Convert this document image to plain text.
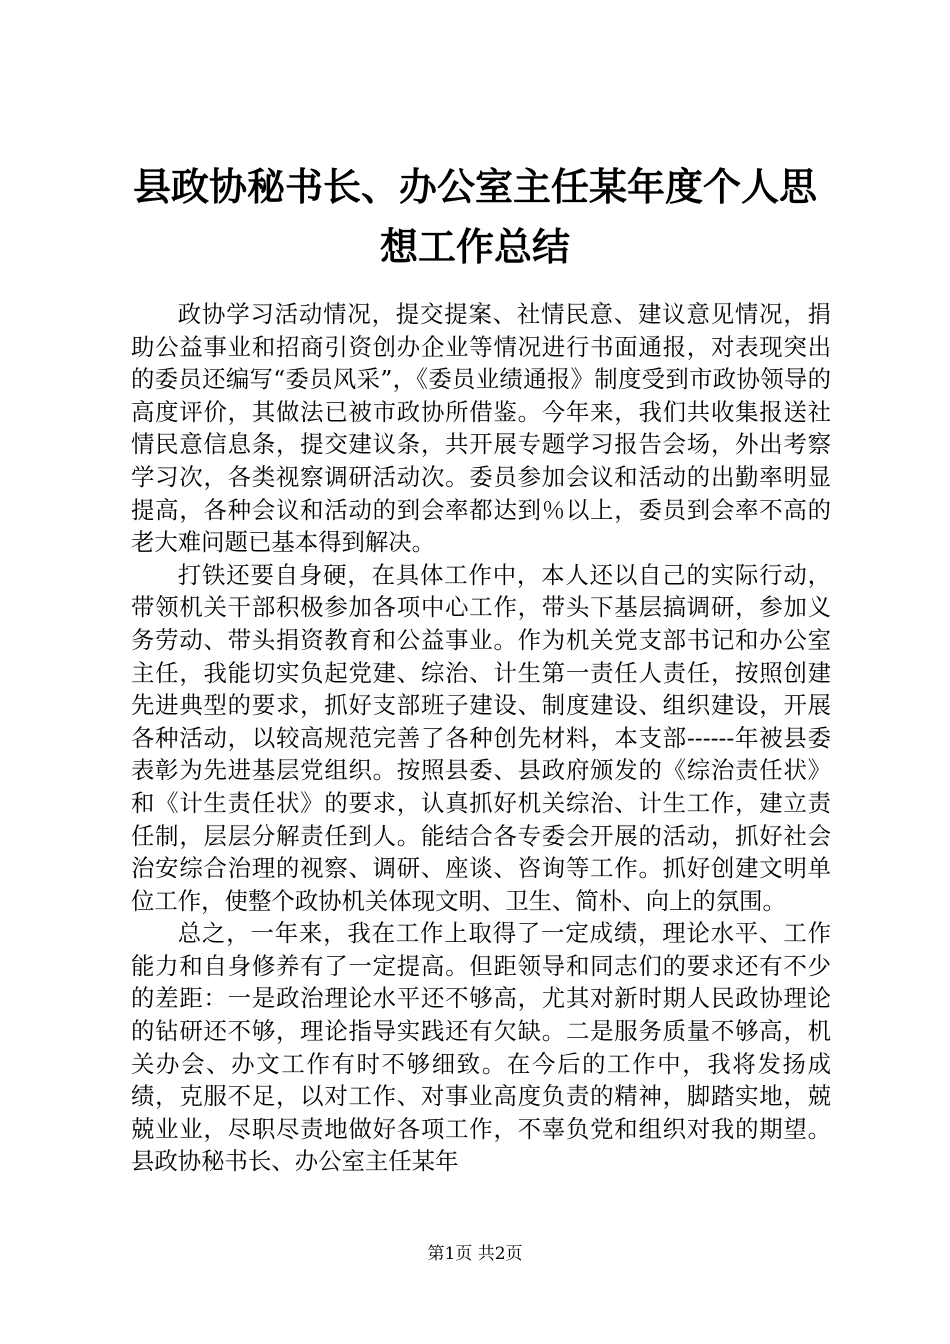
县政协秘书长、办公室主任某年度个人思想工作总结

政协学习活动情况，提交提案、社情民意、建议意见情况，捐助公益事业和招商引资创办企业等情况进行书面通报，对表现突出的委员还编写“委员风采”，《委员业绩通报》制度受到市政协领导的高度评价，其做法已被市政协所借鉴。今年来，我们共收集报送社情民意信息条，提交建议条，共开展专题学习报告会场，外出考察学习次，各类视察调研活动次。委员参加会议和活动的出勤率明显提高，各种会议和活动的到会率都达到％以上，委员到会率不高的老大难问题已基本得到解决。

打铁还要自身硬，在具体工作中，本人还以自己的实际行动，带领机关干部积极参加各项中心工作，带头下基层搞调研，参加义务劳动、带头捐资教育和公益事业。作为机关党支部书记和办公室主任，我能切实负起党建、综治、计生第一责任人责任，按照创建先进典型的要求，抓好支部班子建设、制度建设、组织建设，开展各种活动，以较高规范完善了各种创先材料，本支部------年被县委表彰为先进基层党组织。按照县委、县政府颁发的《综治责任状》和《计生责任状》的要求，认真抓好机关综治、计生工作，建立责任制，层层分解责任到人。能结合各专委会开展的活动，抓好社会治安综合治理的视察、调研、座谈、咨询等工作。抓好创建文明单位工作，使整个政协机关体现文明、卫生、简朴、向上的氛围。

总之，一年来，我在工作上取得了一定成绩，理论水平、工作能力和自身修养有了一定提高。但距领导和同志们的要求还有不少的差距：一是政治理论水平还不够高，尤其对新时期人民政协理论的钻研还不够，理论指导实践还有欠缺。二是服务质量不够高，机关办会、办文工作有时不够细致。在今后的工作中，我将发扬成绩，克服不足，以对工作、对事业高度负责的精神，脚踏实地，兢兢业业，尽职尽责地做好各项工作，不辜负党和组织对我的期望。县政协秘书长、办公室主任某年

第1页 共2页
